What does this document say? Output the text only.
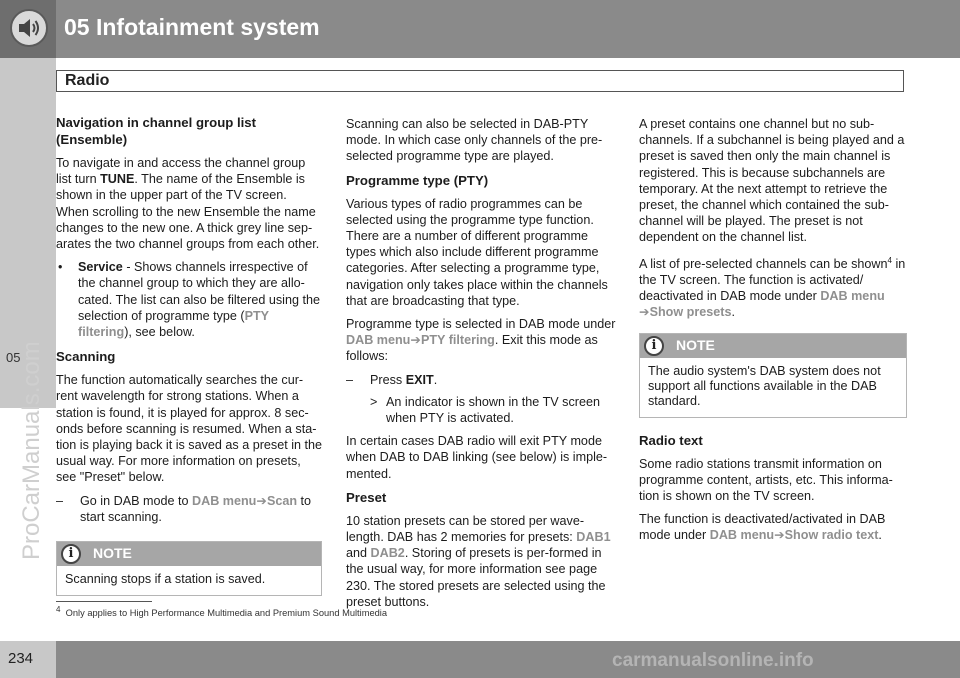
05 Infotainment system
05
Radio
ProCarManuals.com

Navigation in channel group list (Ensemble)

To navigate in and access the channel group list turn TUNE. The name of the Ensemble is shown in the upper part of the TV screen. When scrolling to the new Ensemble the name changes to the new one. A thick grey line sep-arates the two channel groups from each other.

• Service - Shows channels irrespective of the channel group to which they are allo-cated. The list can also be filtered using the selection of programme type (PTY filtering), see below.

Scanning

The function automatically searches the cur-rent wavelength for strong stations. When a station is found, it is played for approx. 8 sec-onds before scanning is resumed. When a sta-tion is playing back it is saved as a preset in the usual way. For more information on presets, see "Preset" below.

– Go in DAB mode to DAB menu➔Scan to start scanning.
i	NOTE
Scanning stops if a station is saved.

Scanning can also be selected in DAB-PTY mode. In which case only channels of the pre-selected programme type are played.

Programme type (PTY)

Various types of radio programmes can be selected using the programme type function. There are a number of different programme types which also include different programme categories. After selecting a programme type, navigation only takes place within the channels that are broadcasting that type.

Programme type is selected in DAB mode under DAB menu➔PTY filtering. Exit this mode as follows:

– Press EXIT.
> An indicator is shown in the TV screen when PTY is activated.

In certain cases DAB radio will exit PTY mode when DAB to DAB linking (see below) is imple-mented.

Preset

10 station presets can be stored per wave-length. DAB has 2 memories for presets: DAB1 and DAB2. Storing of presets is per-formed in the usual way, for more information see page 230. The stored presets are selected using the preset buttons.

A preset contains one channel but no sub-channels. If a subchannel is being played and a preset is saved then only the main channel is registered. This is because subchannels are temporary. At the next attempt to retrieve the preset, the channel which contained the sub-channel will be played. The preset is not dependent on the channel list.

A list of pre-selected channels can be shown$^4$ in the TV screen. The function is activated/ deactivated in DAB mode under DAB menu
➔Show presets.

i	NOTE
The audio system's DAB system does not support all functions available in the DAB standard.

Radio text

Some radio stations transmit information on programme content, artists, etc. This informa-tion is shown on the TV screen.

The function is deactivated/activated in DAB mode under DAB menu➔Show radio text.

$^4$ Only applies to High Performance Multimedia and Premium Sound Multimedia
234	carmanualsonline.info
